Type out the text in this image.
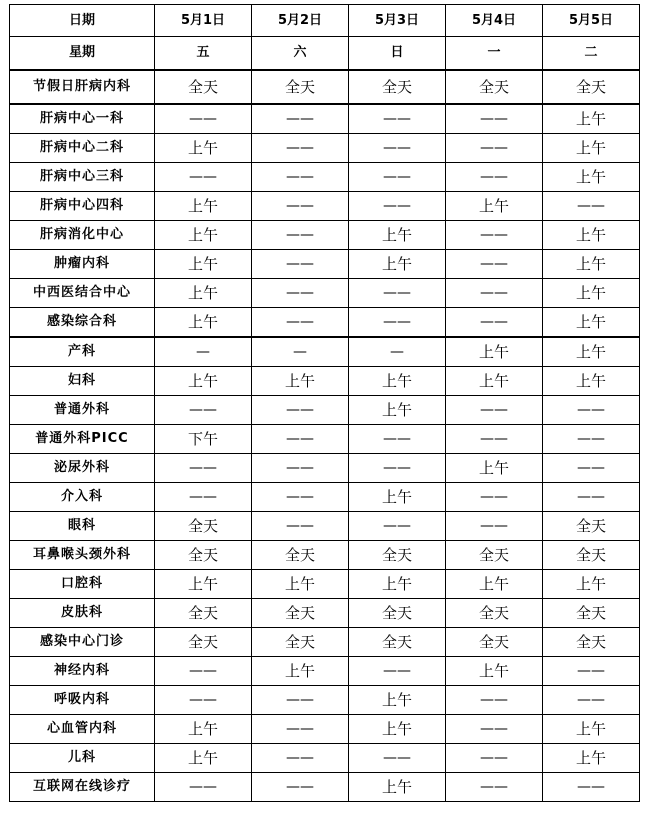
日期	5月1日	5月2日	5月3日	5月4日	5月5日
星期	五	六	日	一	二
节假日肝病内科	全天	全天	全天	全天	全天
肝病中心一科	——	——	——	——	上午
肝病中心二科	上午	——	——	——	上午
肝病中心三科	——	——	——	——	上午
肝病中心四科	上午	——	——	上午	——
肝病消化中心	上午	——	上午	——	上午
肿瘤内科	上午	——	上午	——	上午
中西医结合中心	上午	——	——	——	上午
感染综合科	上午	——	——	——	上午
产科	—	—	—	上午	上午
妇科	上午	上午	上午	上午	上午
普通外科	——	——	上午	——	——
普通外科PICC	下午	——	——	——	——
泌尿外科	——	——	——	上午	——
介入科	——	——	上午	——	——
眼科	全天	——	——	——	全天
耳鼻喉头颈外科	全天	全天	全天	全天	全天
口腔科	上午	上午	上午	上午	上午
皮肤科	全天	全天	全天	全天	全天
感染中心门诊	全天	全天	全天	全天	全天
神经内科	——	上午	——	上午	——
呼吸内科	——	——	上午	——	——
心血管内科	上午	——	上午	——	上午
儿科	上午	——	——	——	上午
互联网在线诊疗	——	——	上午	——	——
